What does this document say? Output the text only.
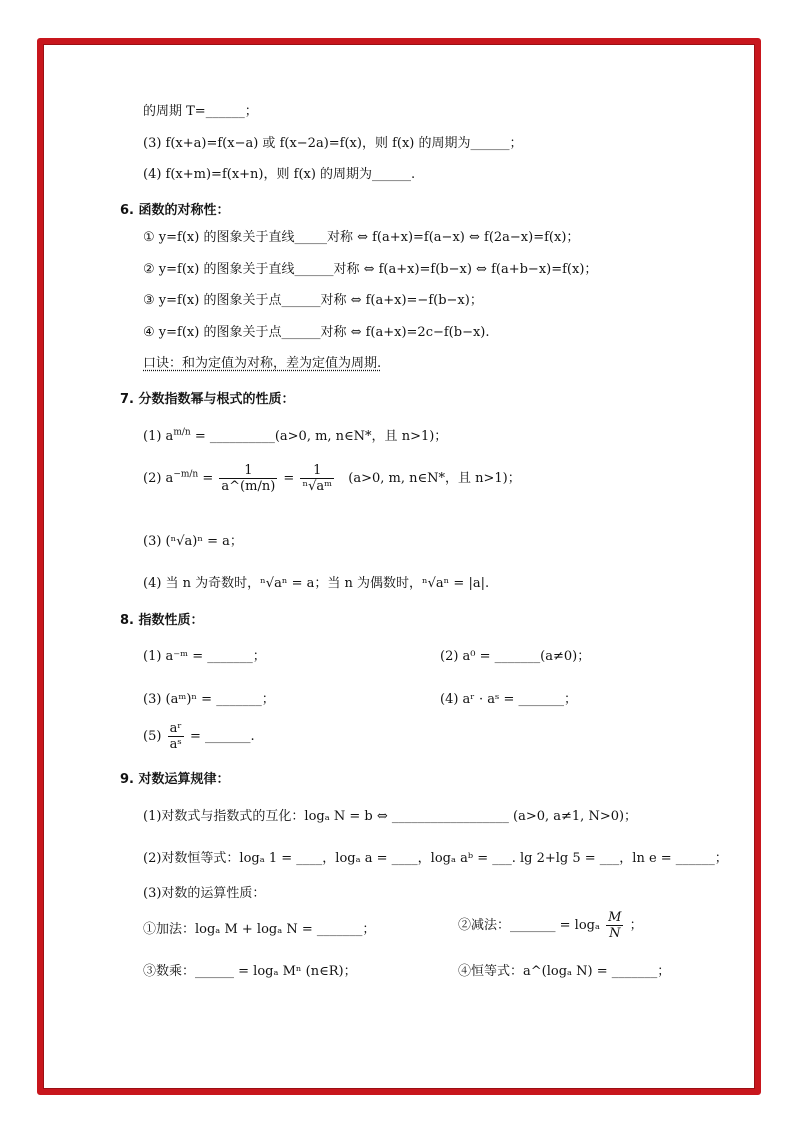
的周期 T=______；
(3) f(x+a)=f(x−a) 或 f(x−2a)=f(x)，则 f(x) 的周期为______；
(4) f(x+m)=f(x+n)，则 f(x) 的周期为______.
6. 函数的对称性：
① y=f(x) 的图象关于直线_____对称 ⇔ f(a+x)=f(a−x) ⇔ f(2a−x)=f(x)；
② y=f(x) 的图象关于直线______对称 ⇔ f(a+x)=f(b−x) ⇔ f(a+b−x)=f(x)；
③ y=f(x) 的图象关于点______对称 ⇔ f(a+x)=−f(b−x)；
④ y=f(x) 的图象关于点______对称 ⇔ f(a+x)=2c−f(b−x).
口诀：和为定值为对称，差为定值为周期.
7. 分数指数幂与根式的性质：
(1) $a^{m/n}$ = __________(a>0, m, n∈N*，且 n>1)；
(2) $a^{-m/n} = \frac{1}{a\^{}(m/n)} = \frac{1}{\text{ⁿ√aᵐ}} (a>0$, m, n∈N*，且 n>1)；
(3) (ⁿ√a)ⁿ = a；
(4) 当 n 为奇数时，ⁿ√aⁿ = a；当 n 为偶数时，ⁿ√aⁿ = |a|.
8. 指数性质：
(1) a⁻ᵐ = _______；	(2) a⁰ = _______(a≠0)；
(3) (aᵐ)ⁿ = _______；	(4) aʳ · aˢ = _______；
$(5) \frac{\text{aʳ}}{\text{aˢ}}$ = _______.
9. 对数运算规律：
(1)对数式与指数式的互化：logₐ N = b ⇔ __________________ (a>0, a≠1, N>0)；
(2)对数恒等式：logₐ 1 = ____，logₐ a = ____，logₐ aᵇ = ___. lg 2+lg 5 = ___，ln e = ______；
(3)对数的运算性质：
①加法：logₐ M + logₐ N = _______；	②减法：_______ = logₐ $\frac{M}{N}$ ；
③数乘：______ = logₐ Mⁿ (n∈R)；	④恒等式：a^(logₐ N) = _______；
